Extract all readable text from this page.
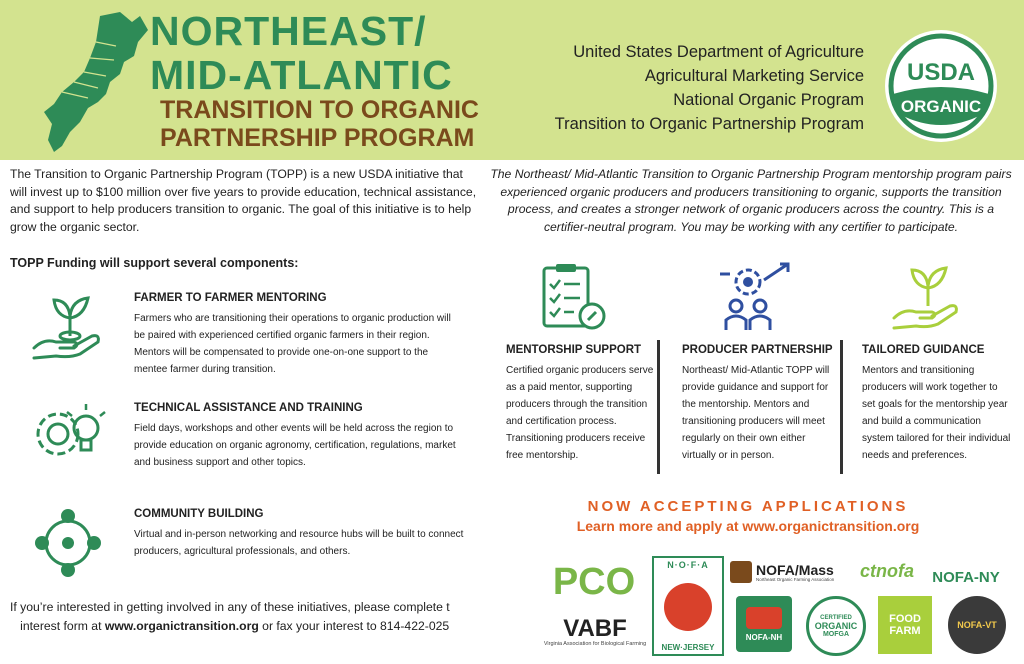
NORTHEAST/
MID-ATLANTIC
TRANSITION TO ORGANIC
PARTNERSHIP PROGRAM
United States Department of Agriculture
Agricultural Marketing Service
National Organic Program
Transition to Organic Partnership Program
USDA
ORGANIC
The Transition to Organic Partnership Program (TOPP) is a new USDA initiative that will invest up to $100 million over five years to provide education, technical assistance, and support to help producers transition to organic. The goal of this initiative is to help grow the organic sector.
TOPP Funding will support several components:
FARMER TO FARMER MENTORING
Farmers who are transitioning their operations to organic production will be paired with experienced certified organic farmers in their region. Mentors will be compensated to provide one-on-one support to the mentee farmer during transition.
TECHNICAL ASSISTANCE AND TRAINING
Field days, workshops and other events will be held across the region to provide education on organic agronomy, certification, regulations, market and business support and other topics.
COMMUNITY BUILDING
Virtual and in-person networking and resource hubs will be built to connect producers, agricultural professionals, and others.
If you’re interested in getting involved in any of these initiatives, please complete t
interest form at www.organictransition.org or fax your interest to 814-422-025
The Northeast/ Mid-Atlantic Transition to Organic Partnership Program mentorship program pairs experienced organic producers and producers transitioning to organic, supports the transition process, and creates a stronger network of organic producers across the country. This is a certifier-neutral program. You may be working with any certifier to participate.
MENTORSHIP SUPPORT
Certified organic producers serve as a paid mentor, supporting producers through the transition and certification process. Transitioning producers receive free mentorship.
PRODUCER PARTNERSHIP
Northeast/ Mid-Atlantic TOPP will provide guidance and support for the mentorship. Mentors and transitioning producers will meet regularly on their own either virtually or in person.
TAILORED GUIDANCE
Mentors and transitioning producers will work together to set goals for the mentorship year and build a communication system tailored for their individual needs and preferences.
NOW ACCEPTING APPLICATIONS
Learn more and apply at www.organictransition.org
PCO
VABF
Virginia Association for Biological Farming
N·O·F·A
NEW·JERSEY
NOFA/Mass
Northeast Organic Farming Association ctnofa NOFA-NY
NOFA-NH
CERTIFIED
ORGANIC
MOFGA
FOOD
FARM	NOFA-VT
